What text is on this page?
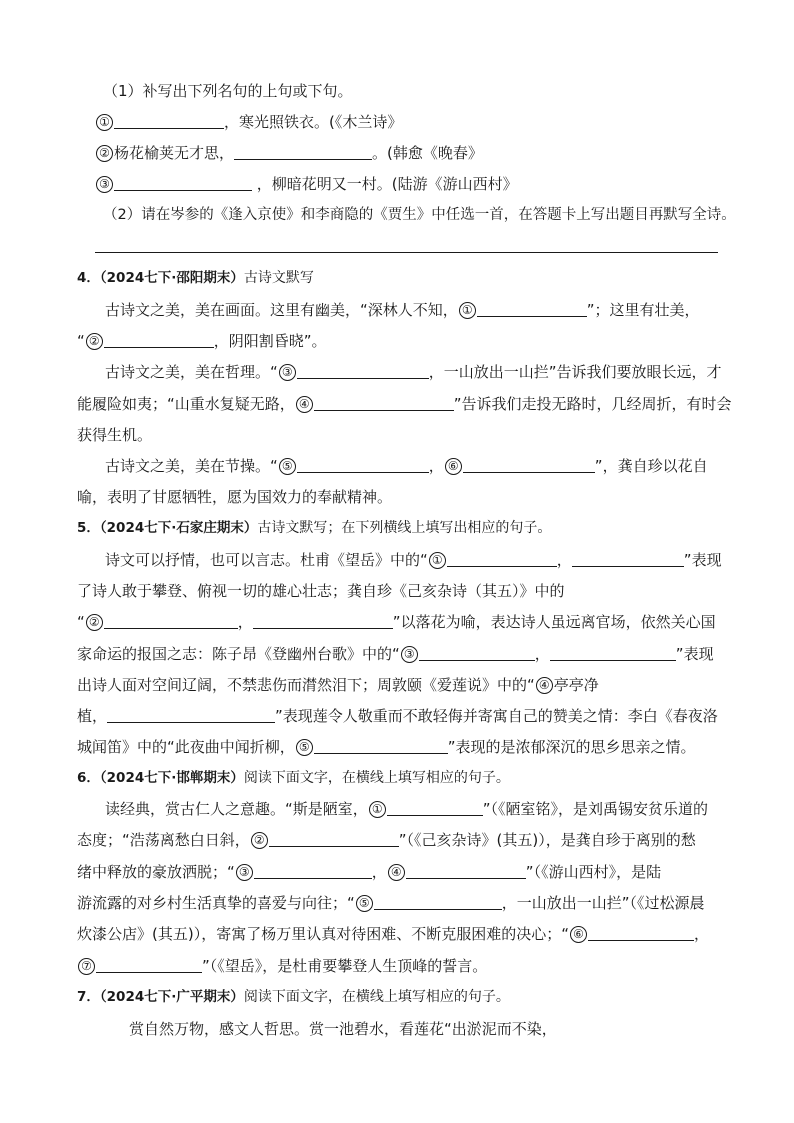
（1）补写出下列名句的上句或下句。
①	，寒光照铁衣。(《木兰诗》
② 杨花榆荚无才思，	。(韩愈《晚春》
③	，柳暗花明又一村。(陆游《游山西村》
（2）请在岑参的《逢入京使》和李商隐的《贾生》中任选一首，在答题卡上写出题目再默写全诗。
4．（2024七下·邵阳期末）古诗文默写
古诗文之美，美在画面。这里有幽美，“深林人不知， ①	”；这里有壮美，
“ ②	，阴阳割昏晓”。
古诗文之美，美在哲理。“ ③	，一山放出一山拦”告诉我们要放眼长远，才
能履险如夷；“山重水复疑无路， ④	”告诉我们走投无路时，几经周折，有时会
获得生机。
古诗文之美，美在节操。“ ⑤	， ⑥	”，龚自珍以花自
喻，表明了甘愿牺牲，愿为国效力的奉献精神。
5．（2024七下·石家庄期末）古诗文默写；在下列横线上填写出相应的句子。
诗文可以抒情，也可以言志。杜甫《望岳》中的“ ①	，	”表现
了诗人敢于攀登、俯视一切的雄心壮志；龚自珍《己亥杂诗（其五）》中的
“ ②	，	”以落花为喻，表达诗人虽远离官场，依然关心国
家命运的报国之志：陈子昂《登幽州台歌》中的“ ③	，	”表现
出诗人面对空间辽阔，不禁悲伤而潸然泪下；周敦颐《爱莲说》中的“ ④ 亭亭净
植，	”表现莲令人敬重而不敢轻侮并寄寓自己的赞美之情：李白《春夜洛
城闻笛》中的“此夜曲中闻折柳， ⑤	”表现的是浓郁深沉的思乡思亲之情。
6．（2024七下·邯郸期末）阅读下面文字，在横线上填写相应的句子。
读经典，赏古仁人之意趣。“斯是陋室， ①	”（《陋室铭》，是刘禹锡安贫乐道的
态度；“浩荡离愁白日斜， ②	”（《己亥杂诗》(其五)），是龚自珍于离别的愁
绪中释放的豪放洒脱；“ ③	， ④	”（《游山西村》，是陆
游流露的对乡村生活真挚的喜爱与向往；“ ⑤	，一山放出一山拦”（《过松源晨
炊漆公店》(其五)），寄寓了杨万里认真对待困难、不断克服困难的决心；“ ⑥	，
⑦	”（《望岳》，是杜甫要攀登人生顶峰的誓言。
7．（2024七下·广平期末）阅读下面文字，在横线上填写相应的句子。
赏自然万物，感文人哲思。赏一池碧水，看莲花“出淤泥而不染，
